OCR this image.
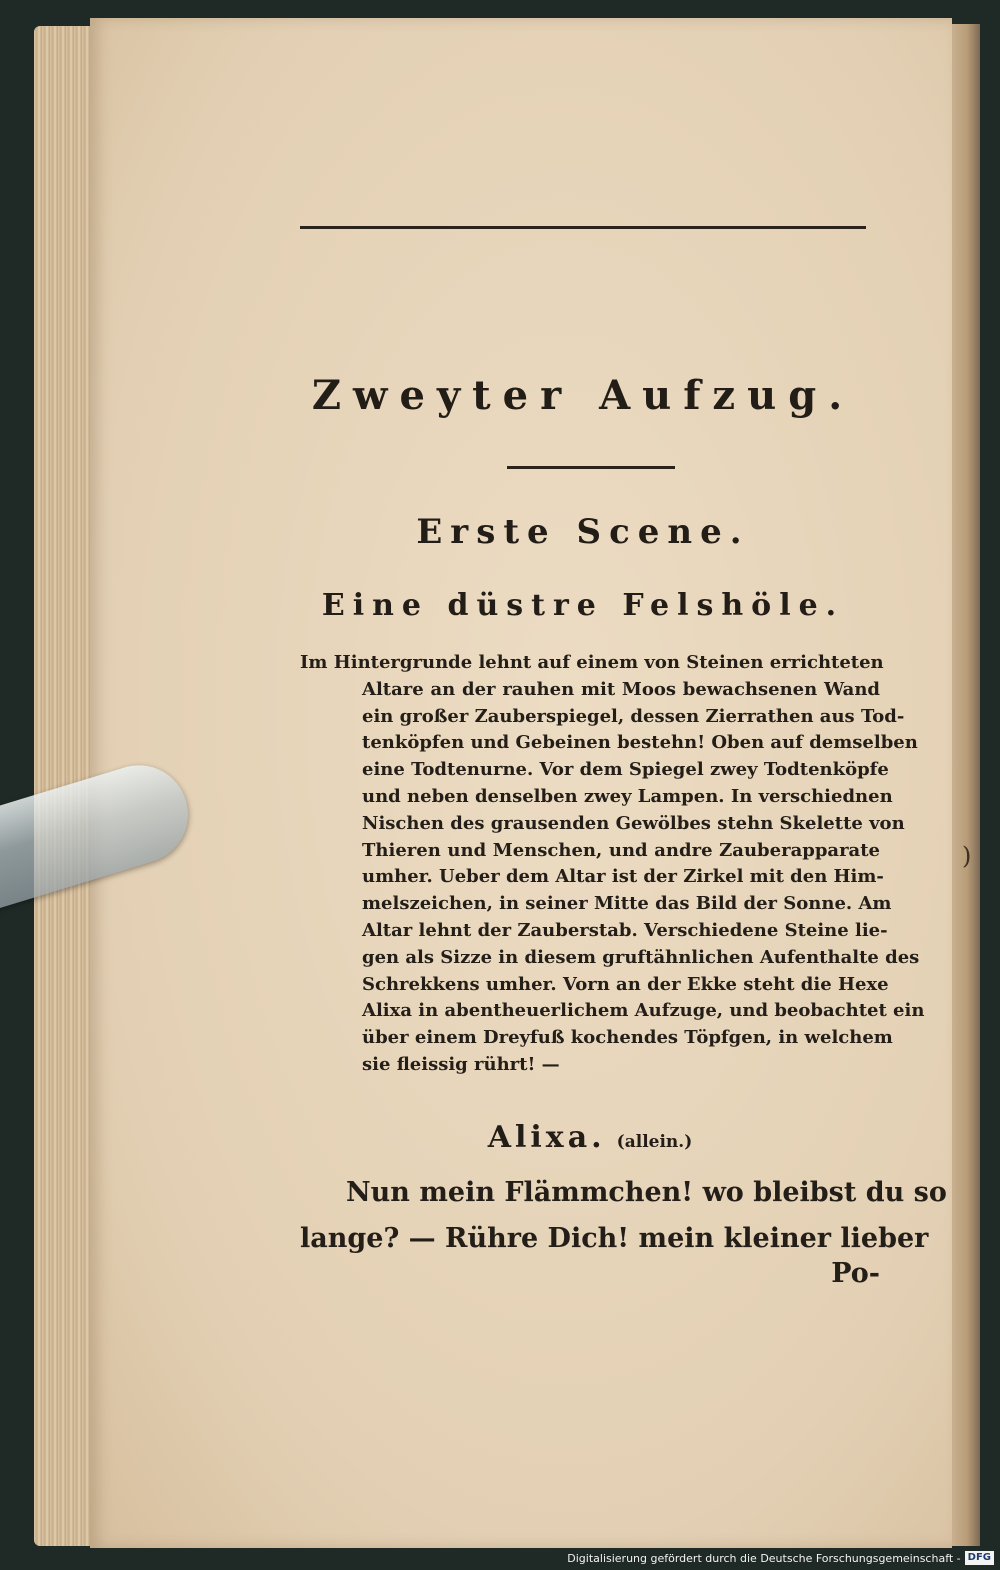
Zweyter Aufzug.
Erste Scene.
Eine düstre Felshöle.
Im Hintergrunde lehnt auf einem von Steinen errichteten
Altare an der rauhen mit Moos bewachsenen Wand
ein großer Zauberspiegel, dessen Zierrathen aus Tod-
tenköpfen und Gebeinen bestehn! Oben auf demselben
eine Todtenurne. Vor dem Spiegel zwey Todtenköpfe
und neben denselben zwey Lampen. In verschiednen
Nischen des grausenden Gewölbes stehn Skelette von
Thieren und Menschen, und andre Zauberapparate
umher. Ueber dem Altar ist der Zirkel mit den Him-
melszeichen, in seiner Mitte das Bild der Sonne. Am
Altar lehnt der Zauberstab. Verschiedene Steine lie-
gen als Sizze in diesem gruftähnlichen Aufenthalte des
Schrekkens umher. Vorn an der Ekke steht die Hexe
Alixa in abentheuerlichem Aufzuge, und beobachtet ein
über einem Dreyfuß kochendes Töpfgen, in welchem
sie fleissig rührt! —
Alixa. (allein.)
Nun mein Flämmchen! wo bleibst du so
lange? — Rühre Dich! mein kleiner lieber
Po-
)
Digitalisierung gefördert durch die Deutsche Forschungsgemeinschaft - DFG
